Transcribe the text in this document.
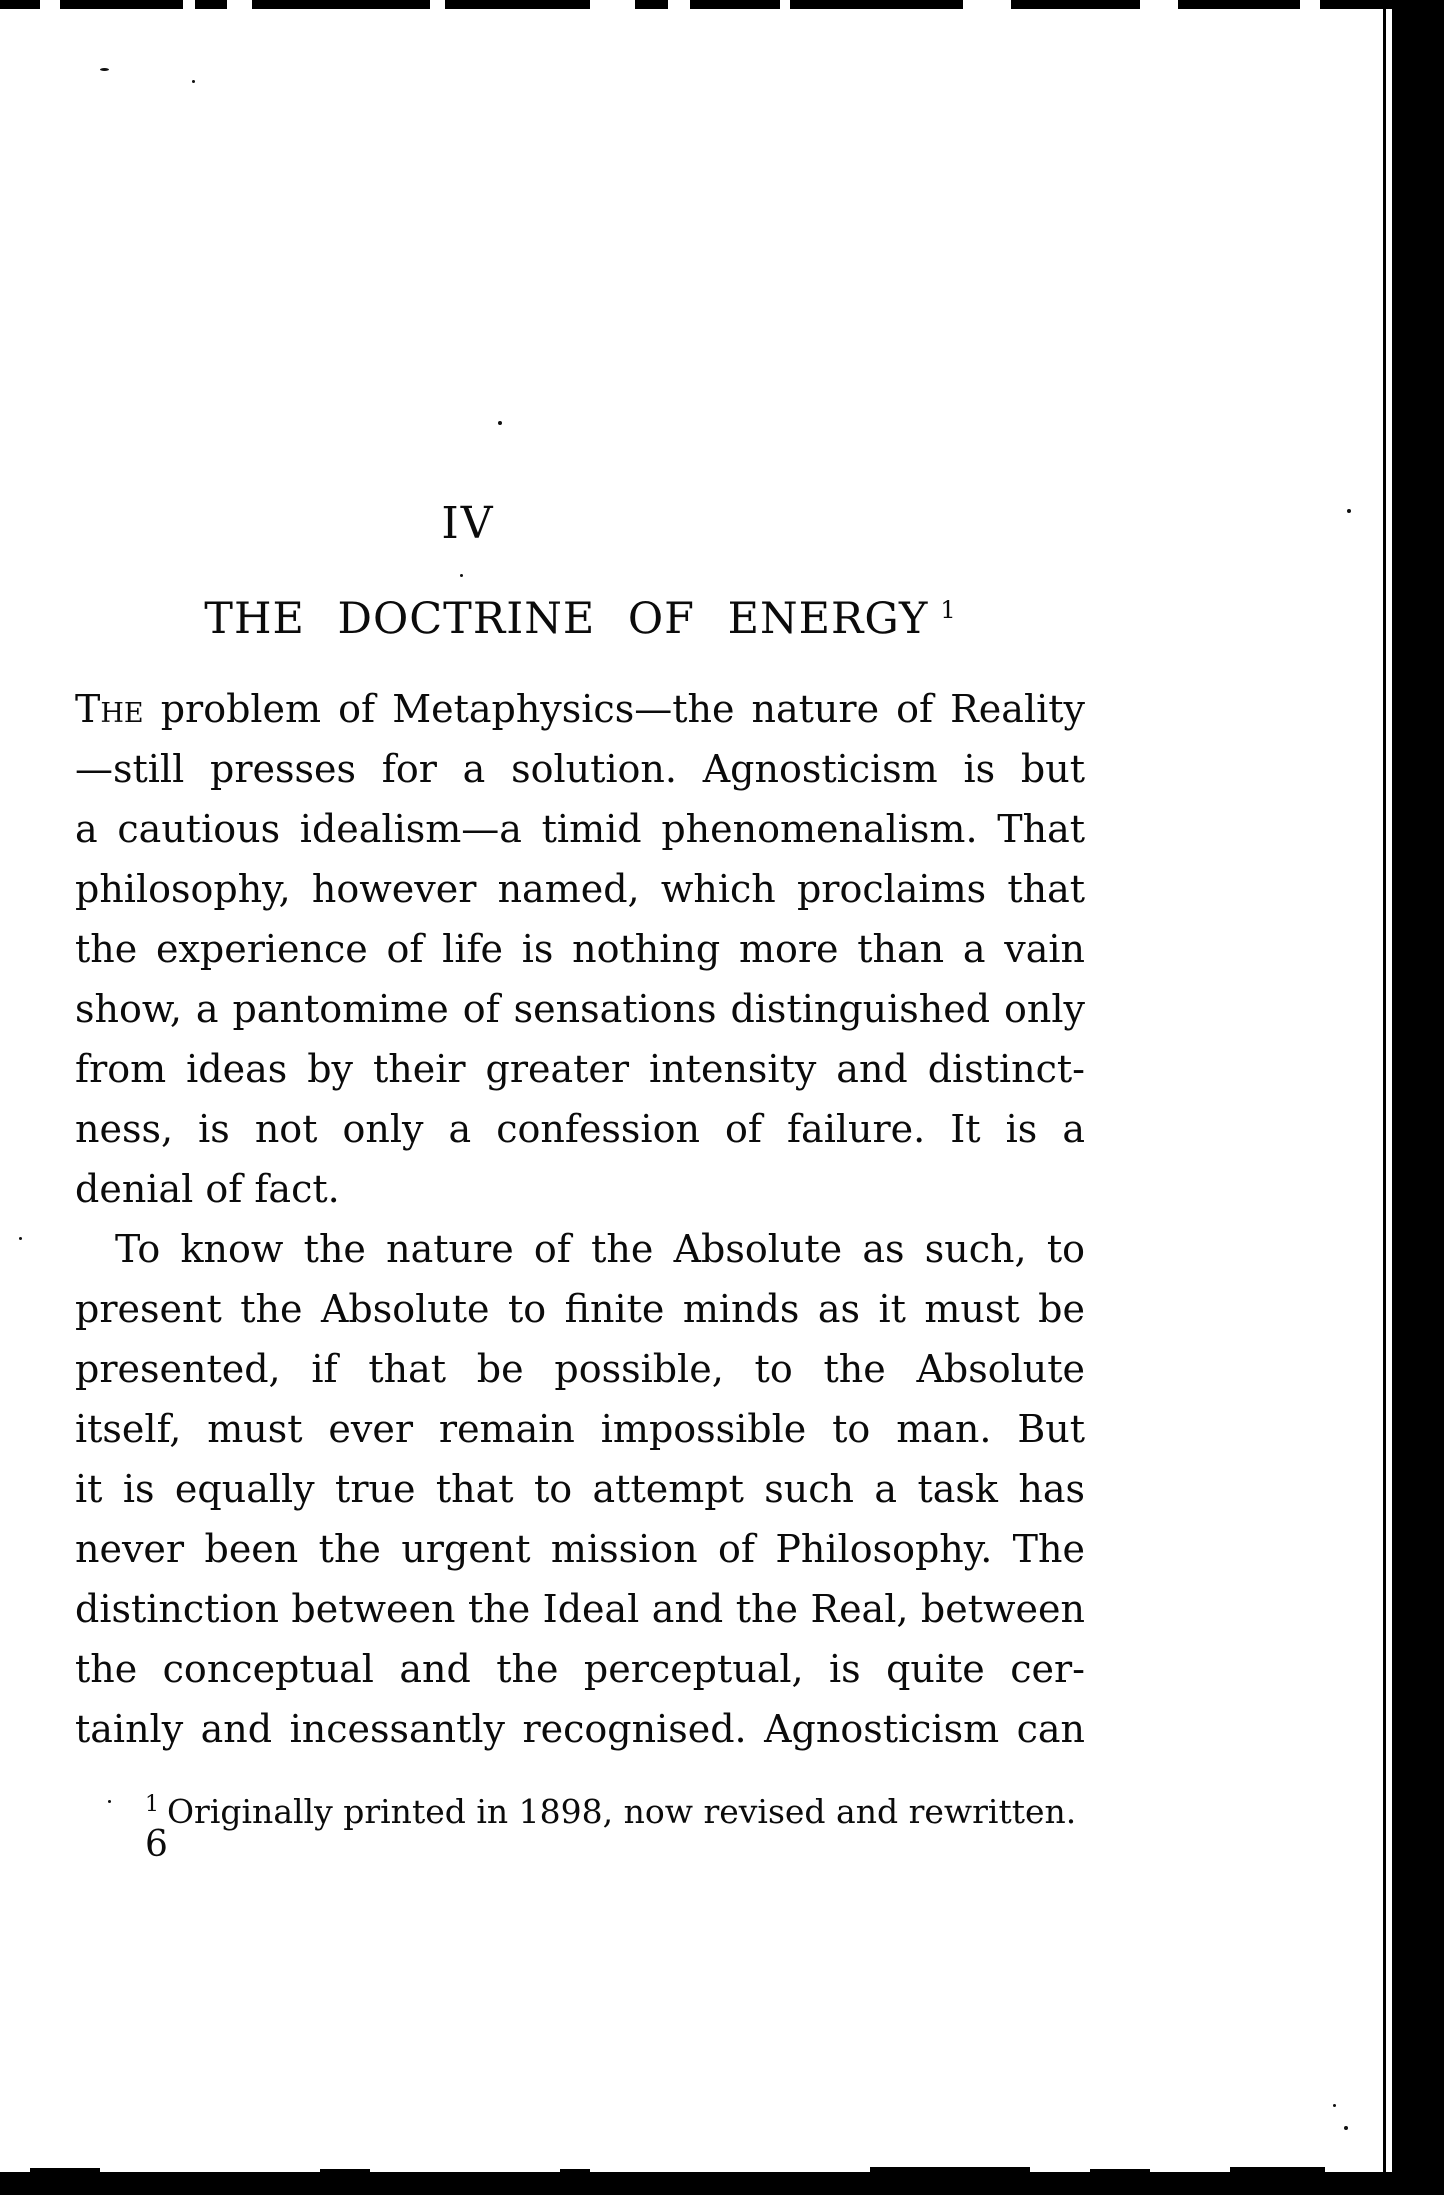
IV
THE DOCTRINE OF ENERGY $^1$
The problem of Metaphysics—the nature of Reality
—still presses for a solution. Agnosticism is but
a cautious idealism—a timid phenomenalism. That
philosophy, however named, which proclaims that
the experience of life is nothing more than a vain
show, a pantomime of sensations distinguished only
from ideas by their greater intensity and distinct-
ness, is not only a confession of failure. It is a
denial of fact.
To know the nature of the Absolute as such, to
present the Absolute to finite minds as it must be
presented, if that be possible, to the Absolute
itself, must ever remain impossible to man. But
it is equally true that to attempt such a task has
never been the urgent mission of Philosophy. The
distinction between the Ideal and the Real, between
the conceptual and the perceptual, is quite cer-
tainly and incessantly recognised. Agnosticism can
$^1$ Originally printed in 1898, now revised and rewritten.
6
